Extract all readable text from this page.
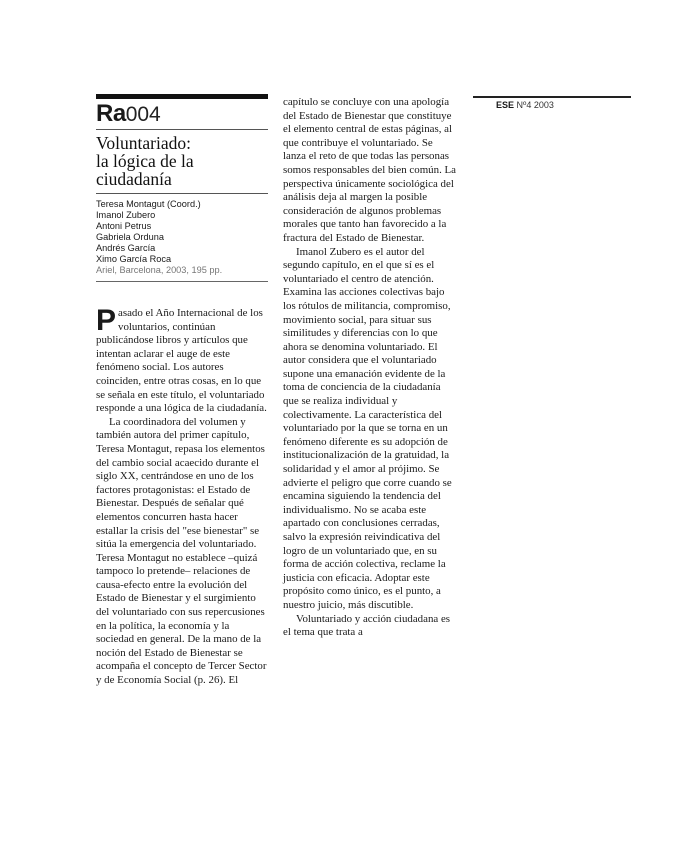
Ra004
Voluntariado:
la lógica de la
ciudadanía
Teresa Montagut (Coord.)
Imanol Zubero
Antoni Petrus
Gabriela Orduna
Andrés García
Ximo García Roca
Ariel, Barcelona, 2003, 195 pp.

Pasado el Año Internacional de los voluntarios, continúan publicándose libros y artículos que intentan aclarar el auge de este fenómeno social. Los autores coinciden, entre otras cosas, en lo que se señala en este título, el voluntariado responde a una lógica de la ciudadanía.

La coordinadora del volumen y también autora del primer capítulo, Teresa Montagut, repasa los elementos del cambio social acaecido durante el siglo XX, centrándose en uno de los factores protagonistas: el Estado de Bienestar. Después de señalar qué elementos concurren hasta hacer estallar la crisis del "ese bienestar" se sitúa la emergencia del voluntariado. Teresa Montagut no establece –quizá tampoco lo pretende– relaciones de causa-efecto entre la evolución del Estado de Bienestar y el surgimiento del voluntariado con sus repercusiones en la política, la economía y la sociedad en general. De la mano de la noción del Estado de Bienestar se acompaña el concepto de Tercer Sector y de Economía Social (p. 26). El

capítulo se concluye con una apología del Estado de Bienestar que constituye el elemento central de estas páginas, al que contribuye el voluntariado. Se lanza el reto de que todas las personas somos responsables del bien común. La perspectiva únicamente sociológica del análisis deja al margen la posible consideración de algunos problemas morales que tanto han favorecido a la fractura del Estado de Bienestar.

Imanol Zubero es el autor del segundo capítulo, en el que sí es el voluntariado el centro de atención. Examina las acciones colectivas bajo los rótulos de militancia, compromiso, movimiento social, para situar sus similitudes y diferencias con lo que ahora se denomina voluntariado. El autor considera que el voluntariado supone una emanación evidente de la toma de conciencia de la ciudadanía que se realiza individual y colectivamente. La característica del voluntariado por la que se torna en un fenómeno diferente es su adopción de institucionalización de la gratuidad, la solidaridad y el amor al prójimo. Se advierte el peligro que corre cuando se encamina siguiendo la tendencia del individualismo. No se acaba este apartado con conclusiones cerradas, salvo la expresión reivindicativa del logro de un voluntariado que, en su forma de acción colectiva, reclame la justicia con eficacia. Adoptar este propósito como único, es el punto, a nuestro juicio, más discutible.

Voluntariado y acción ciudadana es el tema que trata a

ESE Nº4 2003
